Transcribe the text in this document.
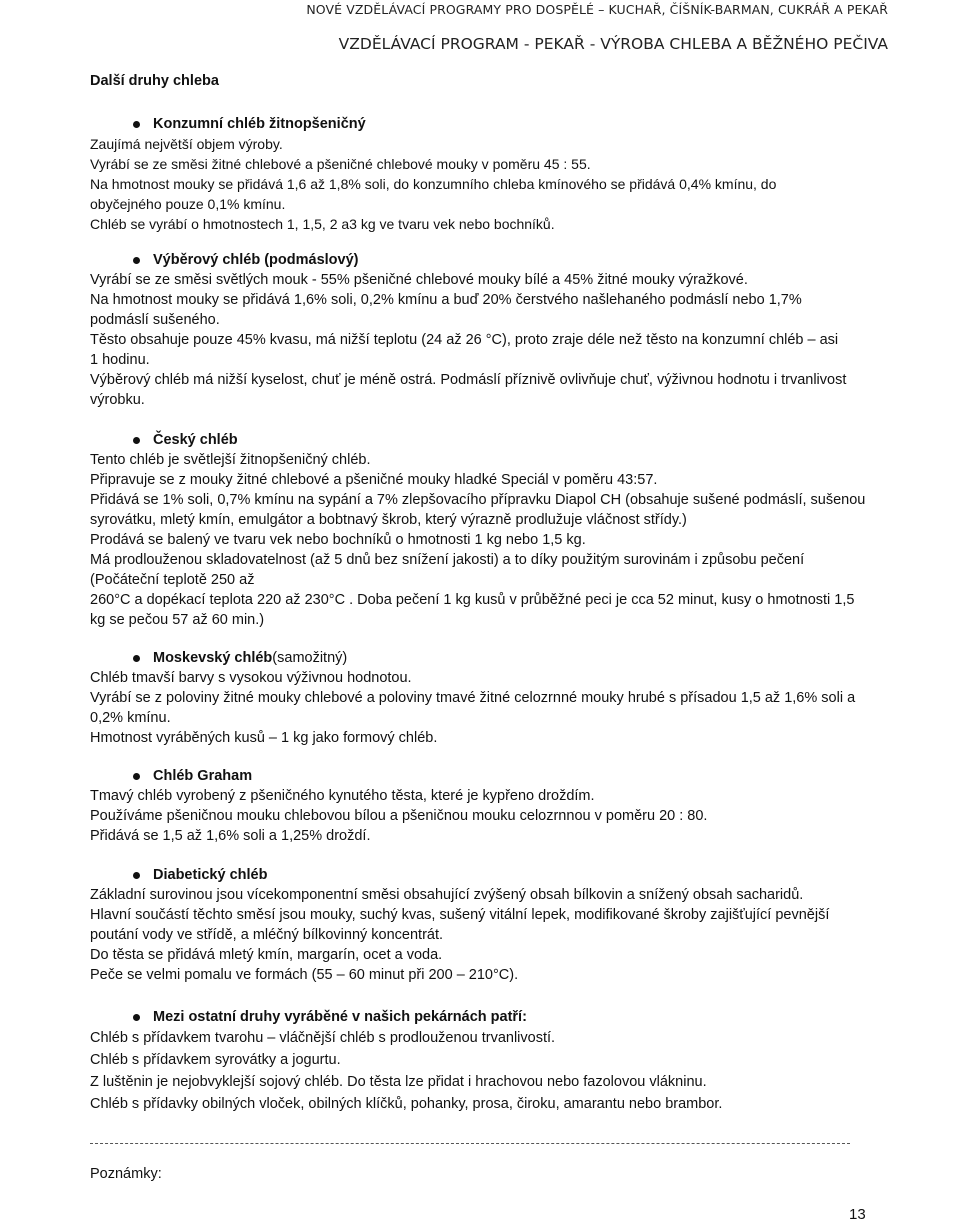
NOVÉ VZDĚLÁVACÍ PROGRAMY PRO DOSPĚLÉ – KUCHAŘ, ČÍŠNÍK-BARMAN, CUKRÁŘ A PEKAŘ
VZDĚLÁVACÍ PROGRAM - PEKAŘ - VÝROBA CHLEBA A BĚŽNÉHO PEČIVA
Další druhy chleba
Konzumní chléb žitnopšeničný
Zaujímá největší objem výroby.
Vyrábí se ze směsi žitné chlebové a pšeničné chlebové mouky v poměru 45 : 55.
Na hmotnost mouky se přidává 1,6 až 1,8% soli, do konzumního chleba kmínového se přidává 0,4% kmínu, do
obyčejného pouze 0,1% kmínu.
Chléb se vyrábí o hmotnostech 1, 1,5, 2 a3 kg ve tvaru vek nebo bochníků.
Výběrový chléb (podmáslový)
Vyrábí se ze směsi světlých mouk - 55% pšeničné chlebové mouky bílé a 45% žitné mouky výražkové.
Na hmotnost mouky se přidává 1,6% soli, 0,2% kmínu a buď 20% čerstvého našlehaného podmáslí nebo 1,7%
podmáslí sušeného.
Těsto obsahuje pouze 45% kvasu, má nižší teplotu (24 až 26 °C), proto zraje déle než těsto na konzumní chléb – asi
1 hodinu.
Výběrový chléb má nižší kyselost, chuť je méně ostrá. Podmáslí příznivě ovlivňuje chuť, výživnou hodnotu i trvanlivost
výrobku.
Český chléb
Tento chléb je světlejší žitnopšeničný chléb.
Připravuje se z mouky žitné chlebové a pšeničné mouky hladké Speciál v poměru 43:57.
Přidává se 1% soli, 0,7% kmínu na sypání a 7% zlepšovacího přípravku Diapol CH (obsahuje sušené podmáslí, sušenou
syrovátku, mletý kmín, emulgátor a bobtnavý škrob, který výrazně prodlužuje vláčnost střídy.)
Prodává se balený ve tvaru vek nebo bochníků o hmotnosti 1 kg nebo 1,5 kg.
Má prodlouženou skladovatelnost (až 5 dnů bez snížení jakosti) a to díky použitým surovinám i způsobu pečení
(Počáteční teplotě 250 až
260°C a dopékací teplota 220 až 230°C . Doba pečení 1 kg kusů v průběžné peci je cca 52 minut, kusy o hmotnosti 1,5
kg se pečou 57 až 60 min.)
Moskevský chléb (samožitný)
Chléb tmavší barvy s vysokou výživnou hodnotou.
Vyrábí se z poloviny žitné mouky chlebové a poloviny tmavé žitné celozrnné mouky hrubé s přísadou 1,5 až 1,6% soli a
0,2% kmínu.
Hmotnost vyráběných kusů – 1 kg jako formový chléb.
Chléb Graham
Tmavý chléb vyrobený z pšeničného kynutého těsta, které je kypřeno droždím.
Používáme pšeničnou mouku chlebovou bílou a pšeničnou mouku celozrnnou v poměru 20 : 80.
Přidává se 1,5 až 1,6% soli a 1,25% droždí.
Diabetický chléb
Základní surovinou jsou vícekomponentní směsi obsahující zvýšený obsah bílkovin a snížený obsah sacharidů.
Hlavní součástí těchto směsí jsou mouky, suchý kvas, sušený vitální lepek, modifikované škroby zajišťující pevnější
poutání vody ve střídě, a mléčný bílkovinný koncentrát.
Do těsta se přidává mletý kmín, margarín, ocet a voda.
Peče se velmi pomalu ve formách (55 – 60 minut při 200 – 210°C).
Mezi ostatní druhy vyráběné v našich pekárnách patří:
Chléb s přídavkem tvarohu – vláčnější chléb s prodlouženou trvanlivostí.
Chléb s přídavkem syrovátky a jogurtu.
Z luštěnin je nejobvyklejší sojový chléb. Do těsta lze přidat i hrachovou nebo fazolovou vlákninu.
Chléb s přídavky obilných vloček, obilných klíčků, pohanky, prosa, čiroku, amarantu nebo brambor.
Poznámky:
13
